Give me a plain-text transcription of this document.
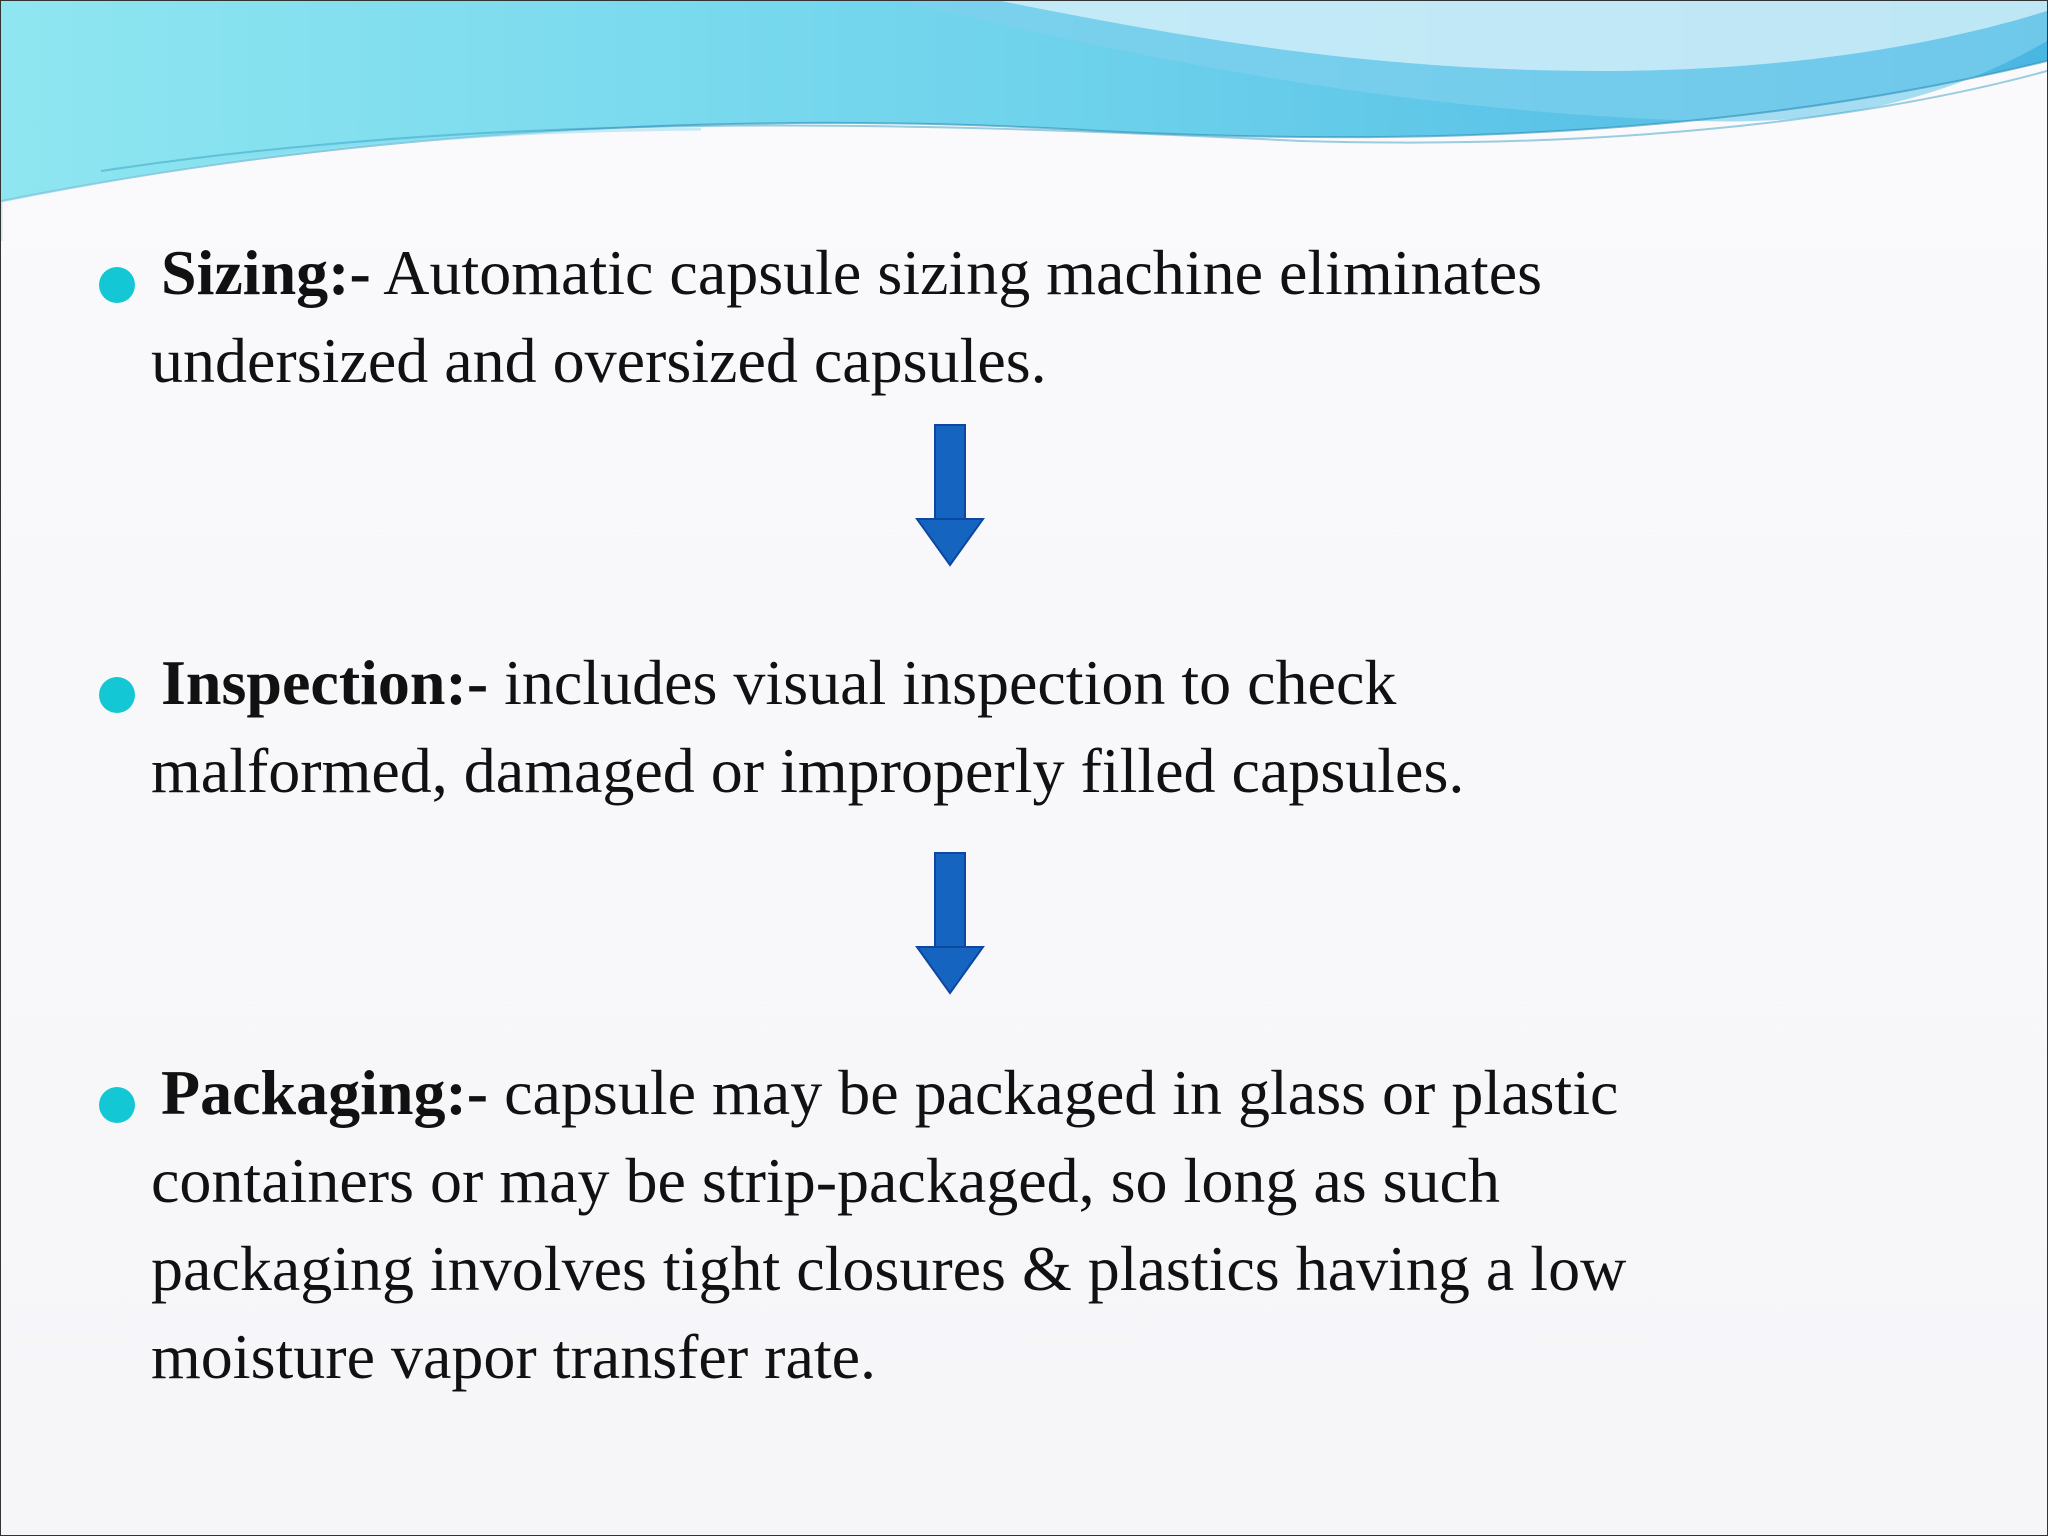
Sizing:- Automatic capsule sizing machine eliminates
undersized and oversized capsules.

Inspection:- includes visual inspection to check
malformed, damaged or improperly filled capsules.

Packaging:- capsule may be packaged in glass or plastic
containers or may be strip-packaged, so long as such
packaging involves tight closures & plastics having a low
moisture vapor transfer rate.
